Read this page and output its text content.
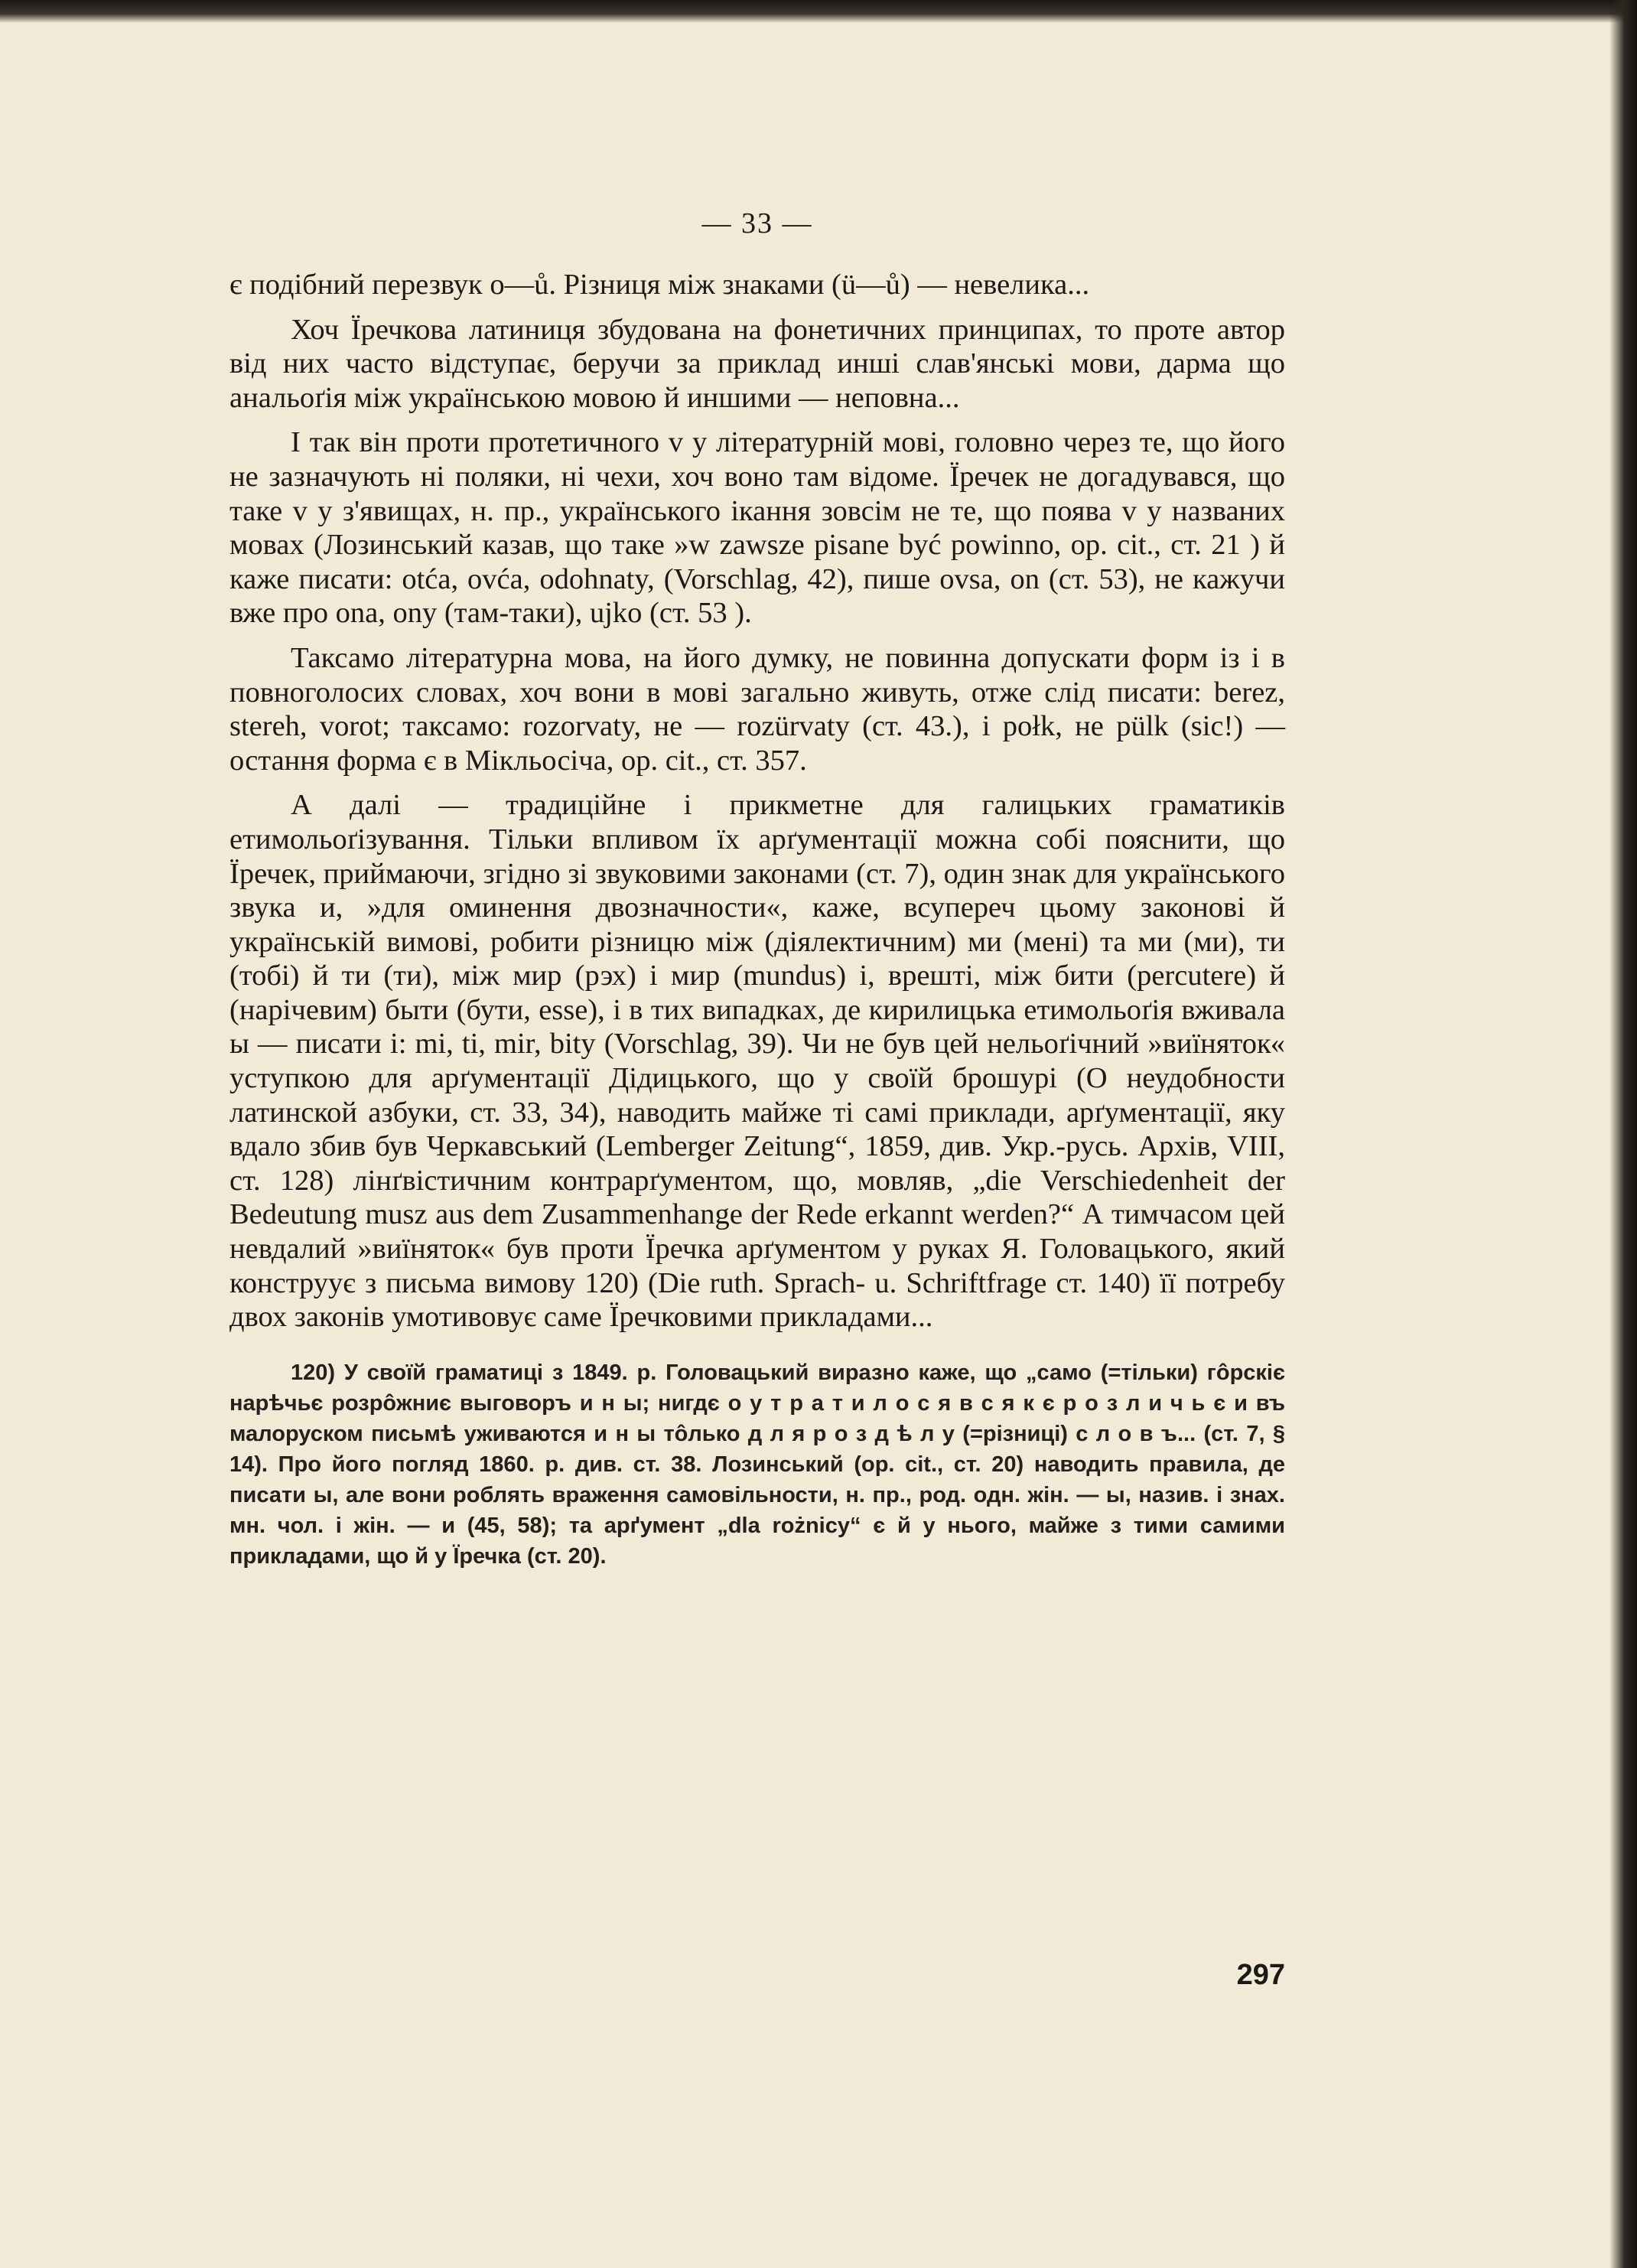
— 33 —

є подібний перезвук o—ů. Різниця між знаками (ü—ů) — невелика...

Хоч Їречкова латиниця збудована на фонетичних принципах, то проте автор від них часто відступає, беручи за приклад инші слав'янські мови, дарма що анальоґія між українською мовою й иншими — неповна...

І так він проти протетичного v у літературній мові, головно через те, що його не зазначують ні поляки, ні чехи, хоч воно там відоме. Їречек не догадувався, що таке v у з'явищах, н. пр., українського ікання зовсім не те, що поява v у названих мовах (Лозинський казав, що таке »w zawsze pisane być powinno, op. cit., ст. 21 ) й каже писати: otća, ovća, odohnaty, (Vorschlag, 42), пише ovsa, on (ст. 53), не кажучи вже про ona, ony (там-таки), ujko (ст. 53 ).

Таксамо літературна мова, на його думку, не повинна допускати форм із і в повноголосих словах, хоч вони в мові загально живуть, отже слід писати: berez, stereh, vorot; таксамо: rozorvaty, не — rozürvaty (ст. 43.), і połk, не pülk (sic!) — остання форма є в Мікльосіча, op. cit., ст. 357.

А далі — традиційне і прикметне для галицьких граматиків етимольоґізування. Тільки впливом їх арґументації можна собі пояснити, що Їречек, приймаючи, згідно зі звуковими законами (ст. 7), один знак для українського звука и, »для оминення двозначности«, каже, всупереч цьому законові й українській вимові, робити різницю між (діялектичним) ми (мені) та ми (ми), ти (тобі) й ти (ти), між мир (рэх) і мир (mundus) і, врешті, між бити (percutere) й (нарічевим) быти (бути, esse), і в тих випадках, де кирилицька етимольоґія вживала ы — писати i: mi, ti, mir, bity (Vorschlag, 39). Чи не був цей нельоґічний »виїняток« уступкою для арґументації Дідицького, що у своїй брошурі (О неудобности латинской азбуки, ст. 33, 34), наводить майже ті самі приклади, арґументації, яку вдало збив був Черкавський (Lemberger Zeitung“, 1859, див. Укр.-русь. Архів, VIII, ст. 128) лінґвістичним контрарґументом, що, мовляв, „die Verschiedenheit der Bedeutung musz aus dem Zusammenhange der Rede erkannt werden?“ А тимчасом цей невдалий »виїняток« був проти Їречка арґументом у руках Я. Головацького, який конструує з письма вимову 120) (Die ruth. Sprach- u. Schriftfrage ст. 140) її потребу двох законів умотивовує саме Їречковими прикладами...

120) У своїй граматиці з 1849. р. Головацький виразно каже, що „само (=тільки) гôрскіє нарѣчьє розрôжниє выговоръ и н ы; нигдє о у т р а т и л о с я в с я к є р о з л и ч ь є и въ малоруском письмѣ уживаются и н ы тôлько д л я р о з д ѣ л у (=різниці) с л о в ъ... (ст. 7, § 14). Про його погляд 1860. р. див. ст. 38. Лозинський (op. cit., ст. 20) наводить правила, де писати ы, але вони роблять враження самовільности, н. пр., род. одн. жін. — ы, назив. і знах. мн. чол. і жін. — и (45, 58); та арґумент „dla rożnicy“ є й у нього, майже з тими самими прикладами, що й у Їречка (ст. 20).

297
